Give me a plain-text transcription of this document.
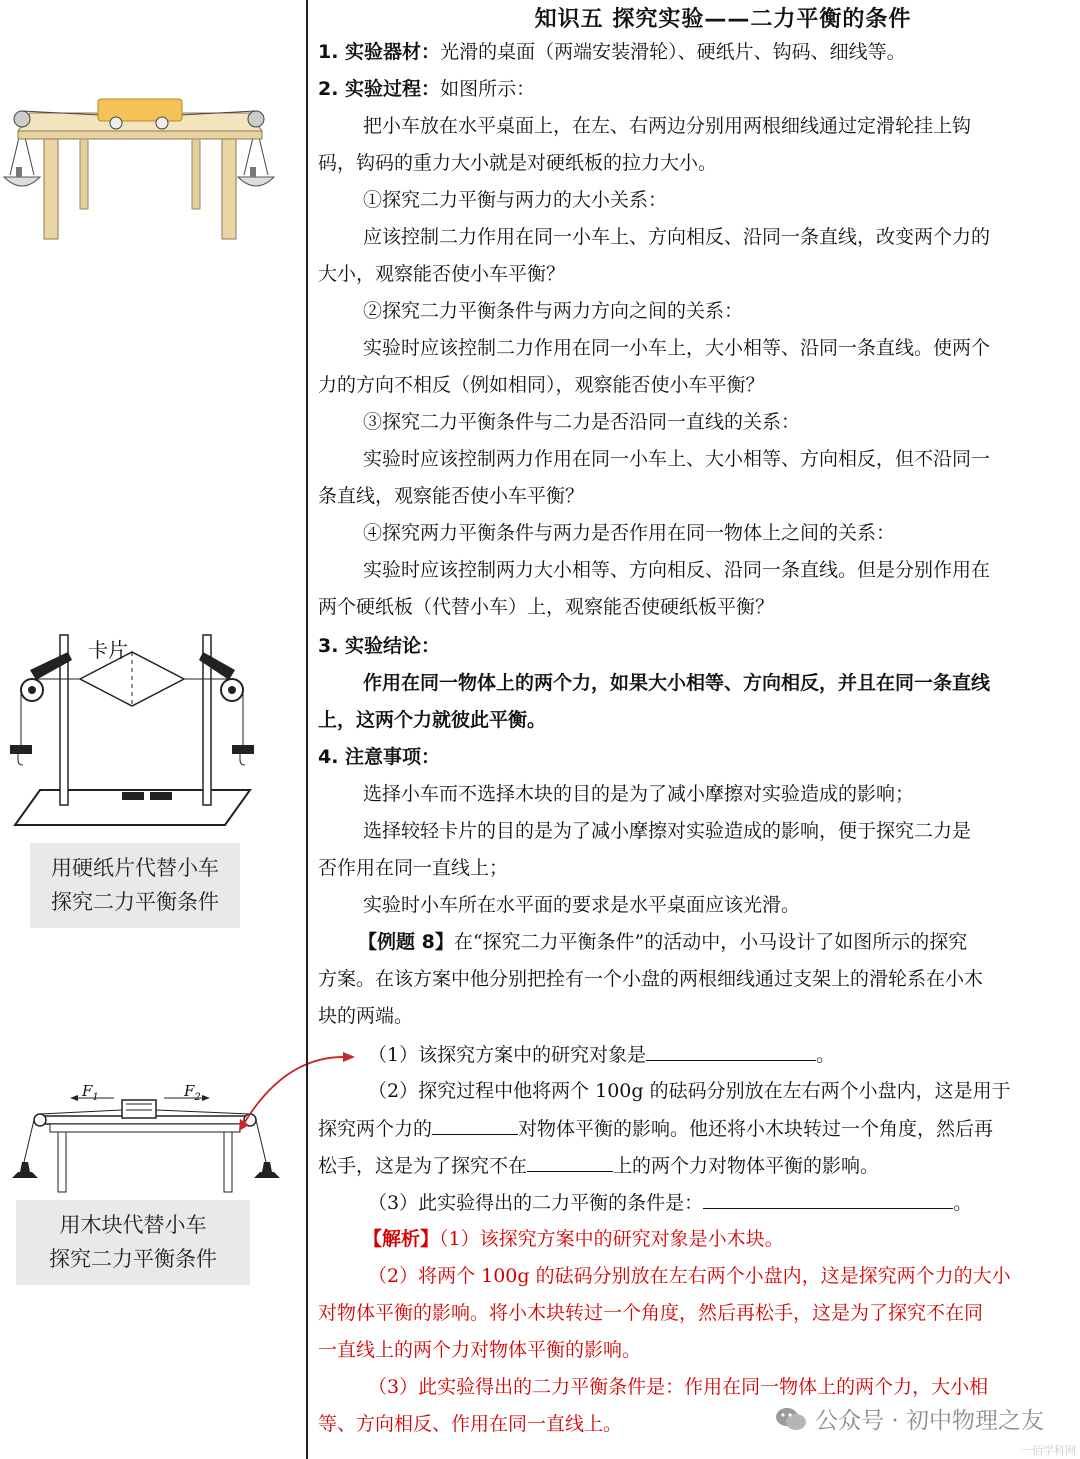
卡片
用硬纸片代替小车
探究二力平衡条件
$F_1$	$F_2$
用木块代替小车
探究二力平衡条件
知识五 探究实验——二力平衡的条件
1. 实验器材：光滑的桌面（两端安装滑轮）、硬纸片、钩码、细线等。
2. 实验过程：如图所示：
把小车放在水平桌面上，在左、右两边分别用两根细线通过定滑轮挂上钩
码，钩码的重力大小就是对硬纸板的拉力大小。
①探究二力平衡与两力的大小关系：
应该控制二力作用在同一小车上、方向相反、沿同一条直线，改变两个力的
大小，观察能否使小车平衡？
②探究二力平衡条件与两力方向之间的关系：
实验时应该控制二力作用在同一小车上，大小相等、沿同一条直线。使两个
力的方向不相反（例如相同），观察能否使小车平衡？
③探究二力平衡条件与二力是否沿同一直线的关系：
实验时应该控制两力作用在同一小车上、大小相等、方向相反，但不沿同一
条直线，观察能否使小车平衡？
④探究两力平衡条件与两力是否作用在同一物体上之间的关系：
实验时应该控制两力大小相等、方向相反、沿同一条直线。但是分别作用在
两个硬纸板（代替小车）上，观察能否使硬纸板平衡？
3. 实验结论：
作用在同一物体上的两个力，如果大小相等、方向相反，并且在同一条直线
上，这两个力就彼此平衡。
4. 注意事项：
选择小车而不选择木块的目的是为了减小摩擦对实验造成的影响；
选择较轻卡片的目的是为了减小摩擦对实验造成的影响，便于探究二力是
否作用在同一直线上；
实验时小车所在水平面的要求是水平桌面应该光滑。
【例题 8】在“探究二力平衡条件”的活动中，小马设计了如图所示的探究
方案。在该方案中他分别把拴有一个小盘的两根细线通过支架上的滑轮系在小木
块的两端。
（1）该探究方案中的研究对象是	。
（2）探究过程中他将两个 100g 的砝码分别放在左右两个小盘内，这是用于
探究两个力的	对物体平衡的影响。他还将小木块转过一个角度，然后再
松手，这是为了探究不在	上的两个力对物体平衡的影响。
（3）此实验得出的二力平衡的条件是：	。
【解析】（1）该探究方案中的研究对象是小木块。
（2）将两个 100g 的砝码分别放在左右两个小盘内，这是探究两个力的大小
对物体平衡的影响。将小木块转过一个角度，然后再松手，这是为了探究不在同
一直线上的两个力对物体平衡的影响。
（3）此实验得出的二力平衡条件是：作用在同一物体上的两个力，大小相
等、方向相反、作用在同一直线上。	公众号 · 初中物理之友
一佰学科网
